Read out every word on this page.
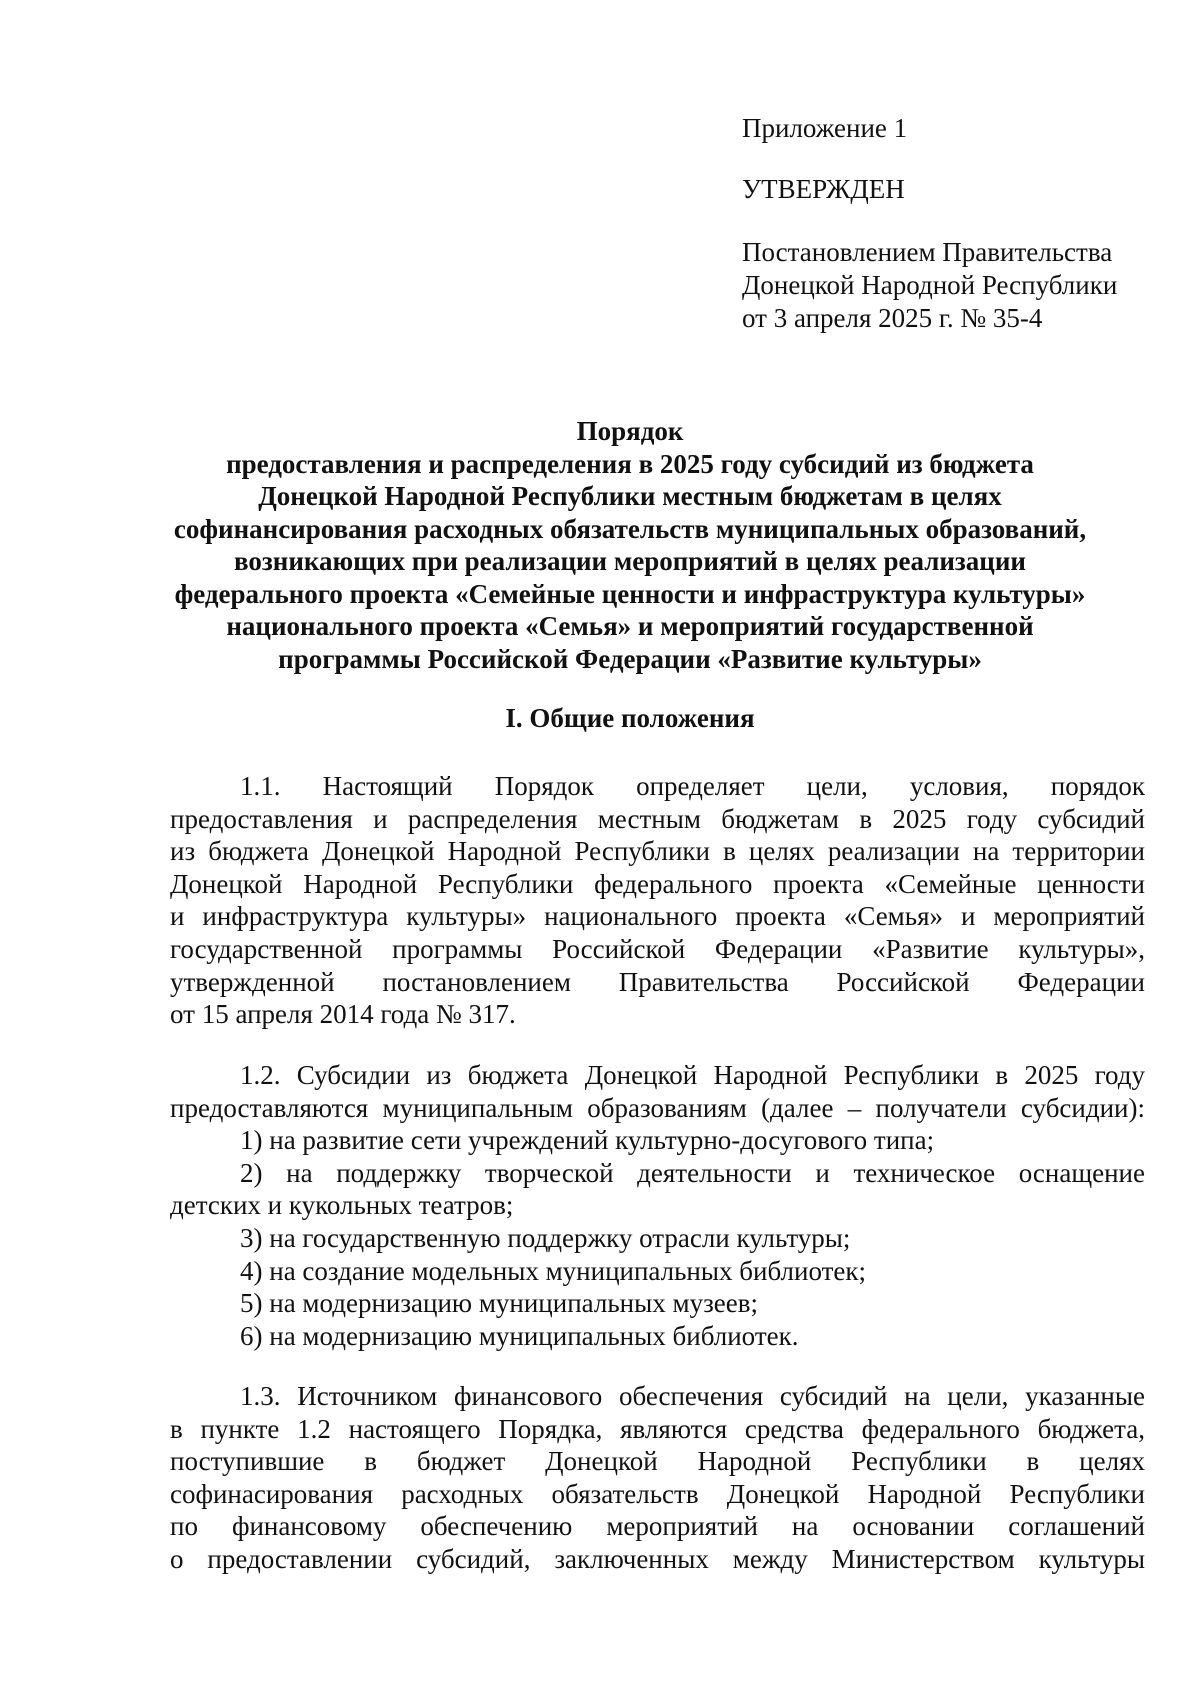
Приложение 1
УТВЕРЖДЕН
Постановлением Правительства
Донецкой Народной Республики
от 3 апреля 2025 г. № 35-4
Порядок
предоставления и распределения в 2025 году субсидий из бюджета
Донецкой Народной Республики местным бюджетам в целях
софинансирования расходных обязательств муниципальных образований,
возникающих при реализации мероприятий в целях реализации
федерального проекта «Семейные ценности и инфраструктура культуры»
национального проекта «Семья» и мероприятий государственной
программы Российской Федерации «Развитие культуры»
I. Общие положения
1.1. Настоящий Порядок определяет цели, условия, порядок
предоставления и распределения местным бюджетам в 2025 году субсидий
из бюджета Донецкой Народной Республики в целях реализации на территории
Донецкой Народной Республики федерального проекта «Семейные ценности
и инфраструктура культуры» национального проекта «Семья» и мероприятий
государственной программы Российской Федерации «Развитие культуры»,
утвержденной постановлением Правительства Российской Федерации
от 15 апреля 2014 года № 317.
1.2. Субсидии из бюджета Донецкой Народной Республики в 2025 году
предоставляются муниципальным образованиям (далее – получатели субсидии):
1) на развитие сети учреждений культурно-досугового типа;
2) на поддержку творческой деятельности и техническое оснащение
детских и кукольных театров;
3) на государственную поддержку отрасли культуры;
4) на создание модельных муниципальных библиотек;
5) на модернизацию муниципальных музеев;
6) на модернизацию муниципальных библиотек.
1.3. Источником финансового обеспечения субсидий на цели, указанные
в пункте 1.2 настоящего Порядка, являются средства федерального бюджета,
поступившие в бюджет Донецкой Народной Республики в целях
софинасирования расходных обязательств Донецкой Народной Республики
по финансовому обеспечению мероприятий на основании соглашений
о предоставлении субсидий, заключенных между Министерством культуры
